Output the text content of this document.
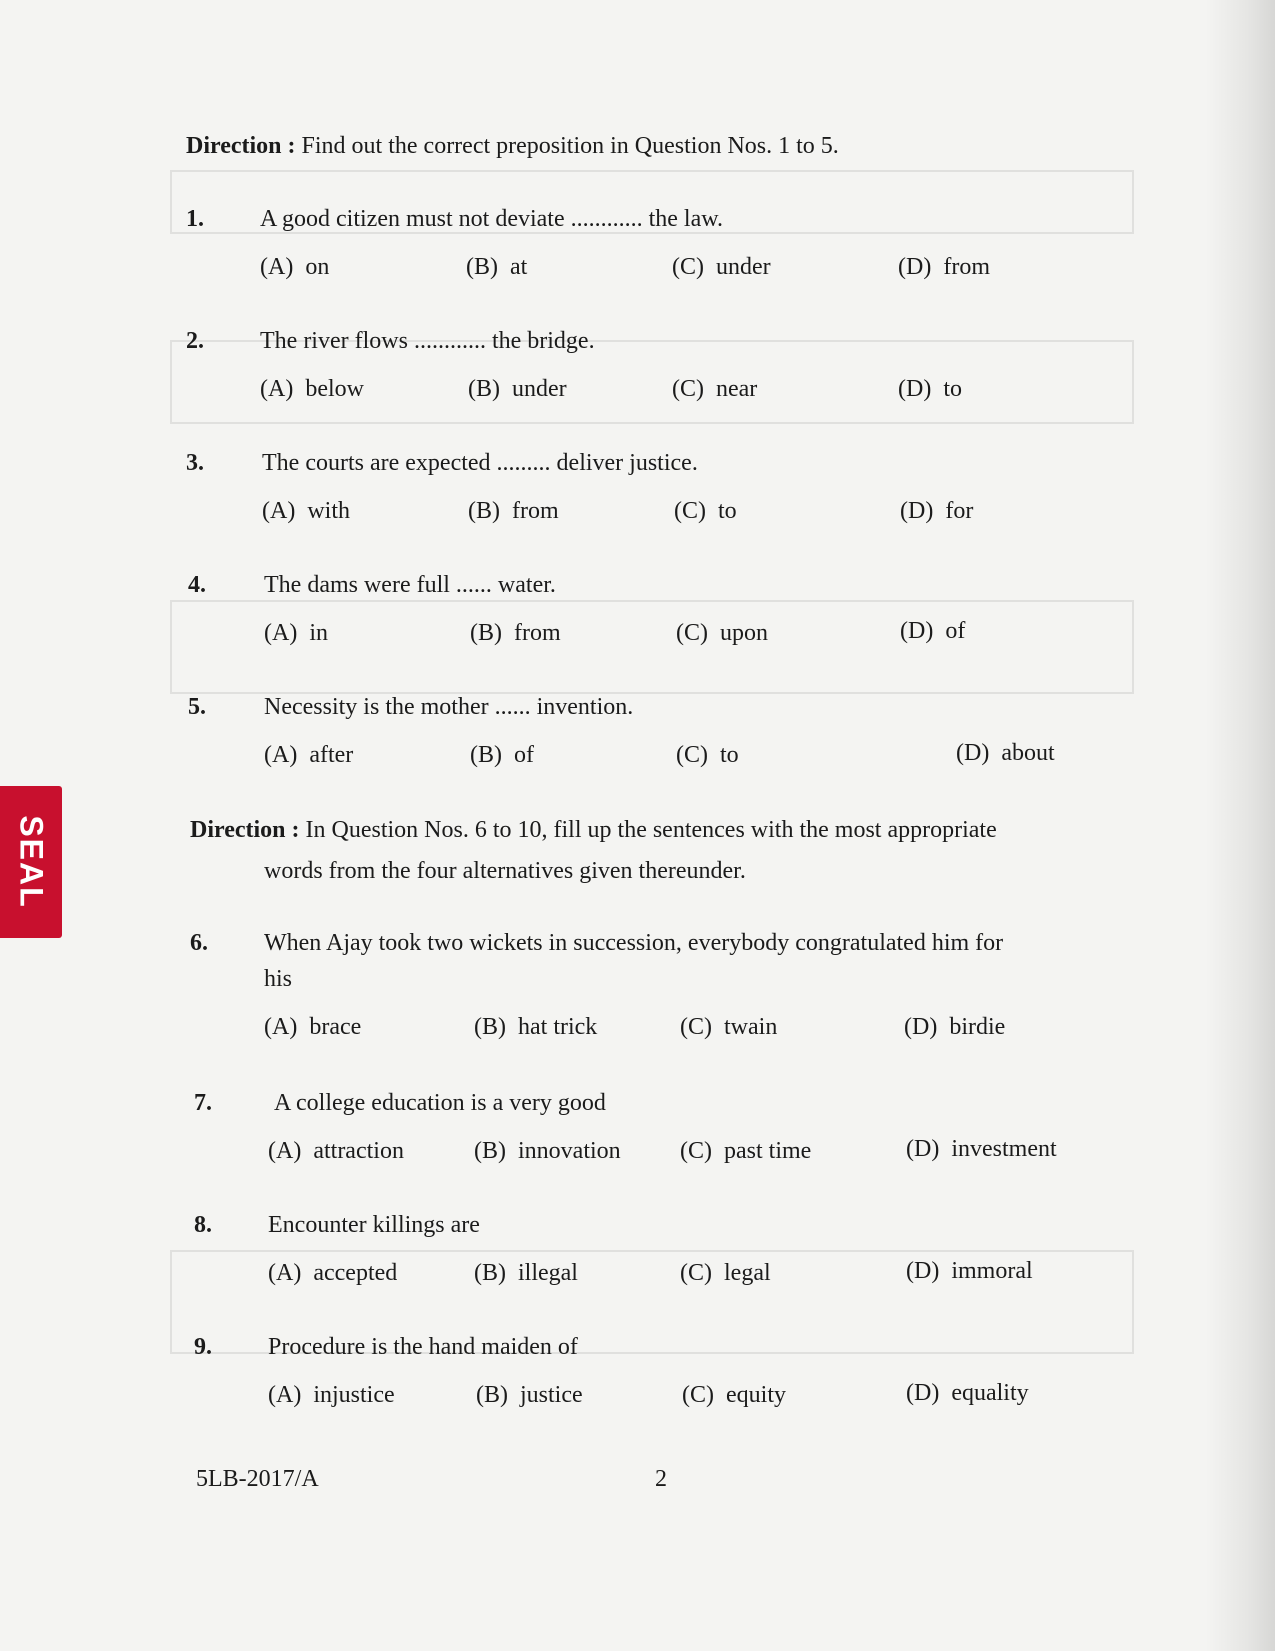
Direction : Find out the correct preposition in Question Nos. 1 to 5.
1. A good citizen must not deviate ............ the law.
(A) on	(B) at	(C) under	(D) from
2. The river flows ............ the bridge.
(A) below	(B) under	(C) near	(D) to
3. The courts are expected ......... deliver justice.
(A) with	(B) from	(C) to	(D) for
4. The dams were full ...... water.
(A) in	(B) from	(C) upon	(D) of
5. Necessity is the mother ...... invention.
(A) after	(B) of	(C) to	(D) about
Direction : In Question Nos. 6 to 10, fill up the sentences with the most appropriate
words from the four alternatives given thereunder.
6. When Ajay took two wickets in succession, everybody congratulated him for
his
(A) brace	(B) hat trick	(C) twain	(D) birdie
7.	A college education is a very good
(A) attraction	(B) innovation (C) past time	(D) investment
8. Encounter killings are
(A) accepted	(B) illegal	(C) legal	(D) immoral
9. Procedure is the hand maiden of
(A) injustice	(B) justice	(C) equity	(D) equality
5LB-2017/A	2
SEAL
